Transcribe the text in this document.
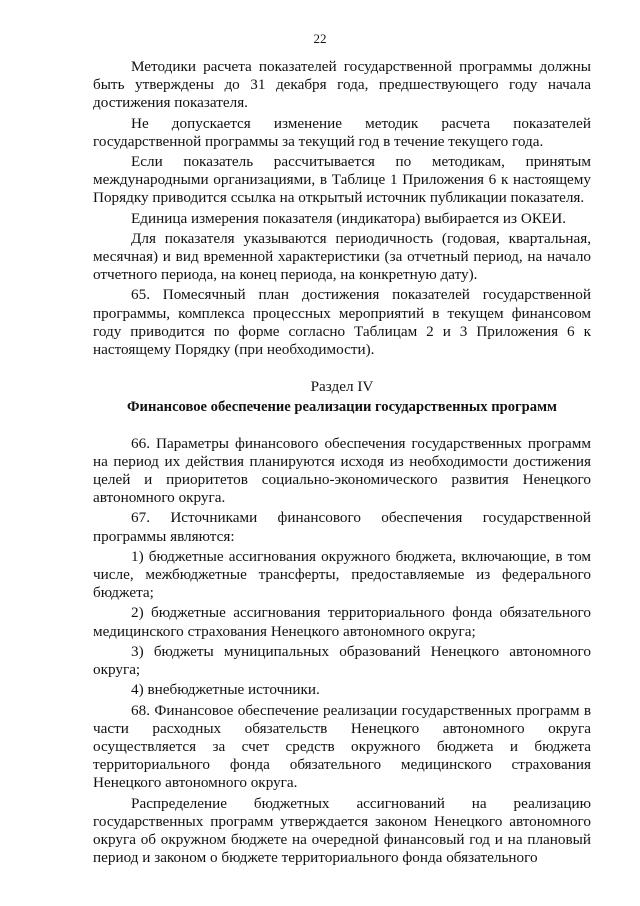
22

Методики расчета показателей государственной программы должны быть утверждены до 31 декабря года, предшествующего году начала достижения показателя.

Не допускается изменение методик расчета показателей государственной программы за текущий год в течение текущего года.

Если показатель рассчитывается по методикам, принятым международными организациями, в Таблице 1 Приложения 6 к настоящему Порядку приводится ссылка на открытый источник публикации показателя.

Единица измерения показателя (индикатора) выбирается из ОКЕИ.

Для показателя указываются периодичность (годовая, квартальная, месячная) и вид временной характеристики (за отчетный период, на начало отчетного периода, на конец периода, на конкретную дату).

65. Помесячный план достижения показателей государственной программы, комплекса процессных мероприятий в текущем финансовом году приводится по форме согласно Таблицам 2 и 3 Приложения 6 к настоящему Порядку (при необходимости).

Раздел IV

Финансовое обеспечение реализации государственных программ

66. Параметры финансового обеспечения государственных программ на период их действия планируются исходя из необходимости достижения целей и приоритетов социально-экономического развития Ненецкого автономного округа.

67. Источниками финансового обеспечения государственной программы являются:

1) бюджетные ассигнования окружного бюджета, включающие, в том числе, межбюджетные трансферты, предоставляемые из федерального бюджета;

2) бюджетные ассигнования территориального фонда обязательного медицинского страхования Ненецкого автономного округа;

3) бюджеты муниципальных образований Ненецкого автономного округа;

4) внебюджетные источники.

68. Финансовое обеспечение реализации государственных программ в части расходных обязательств Ненецкого автономного округа осуществляется за счет средств окружного бюджета и бюджета территориального фонда обязательного медицинского страхования Ненецкого автономного округа.

Распределение бюджетных ассигнований на реализацию государственных программ утверждается законом Ненецкого автономного округа об окружном бюджете на очередной финансовый год и на плановый период и законом о бюджете территориального фонда обязательного
